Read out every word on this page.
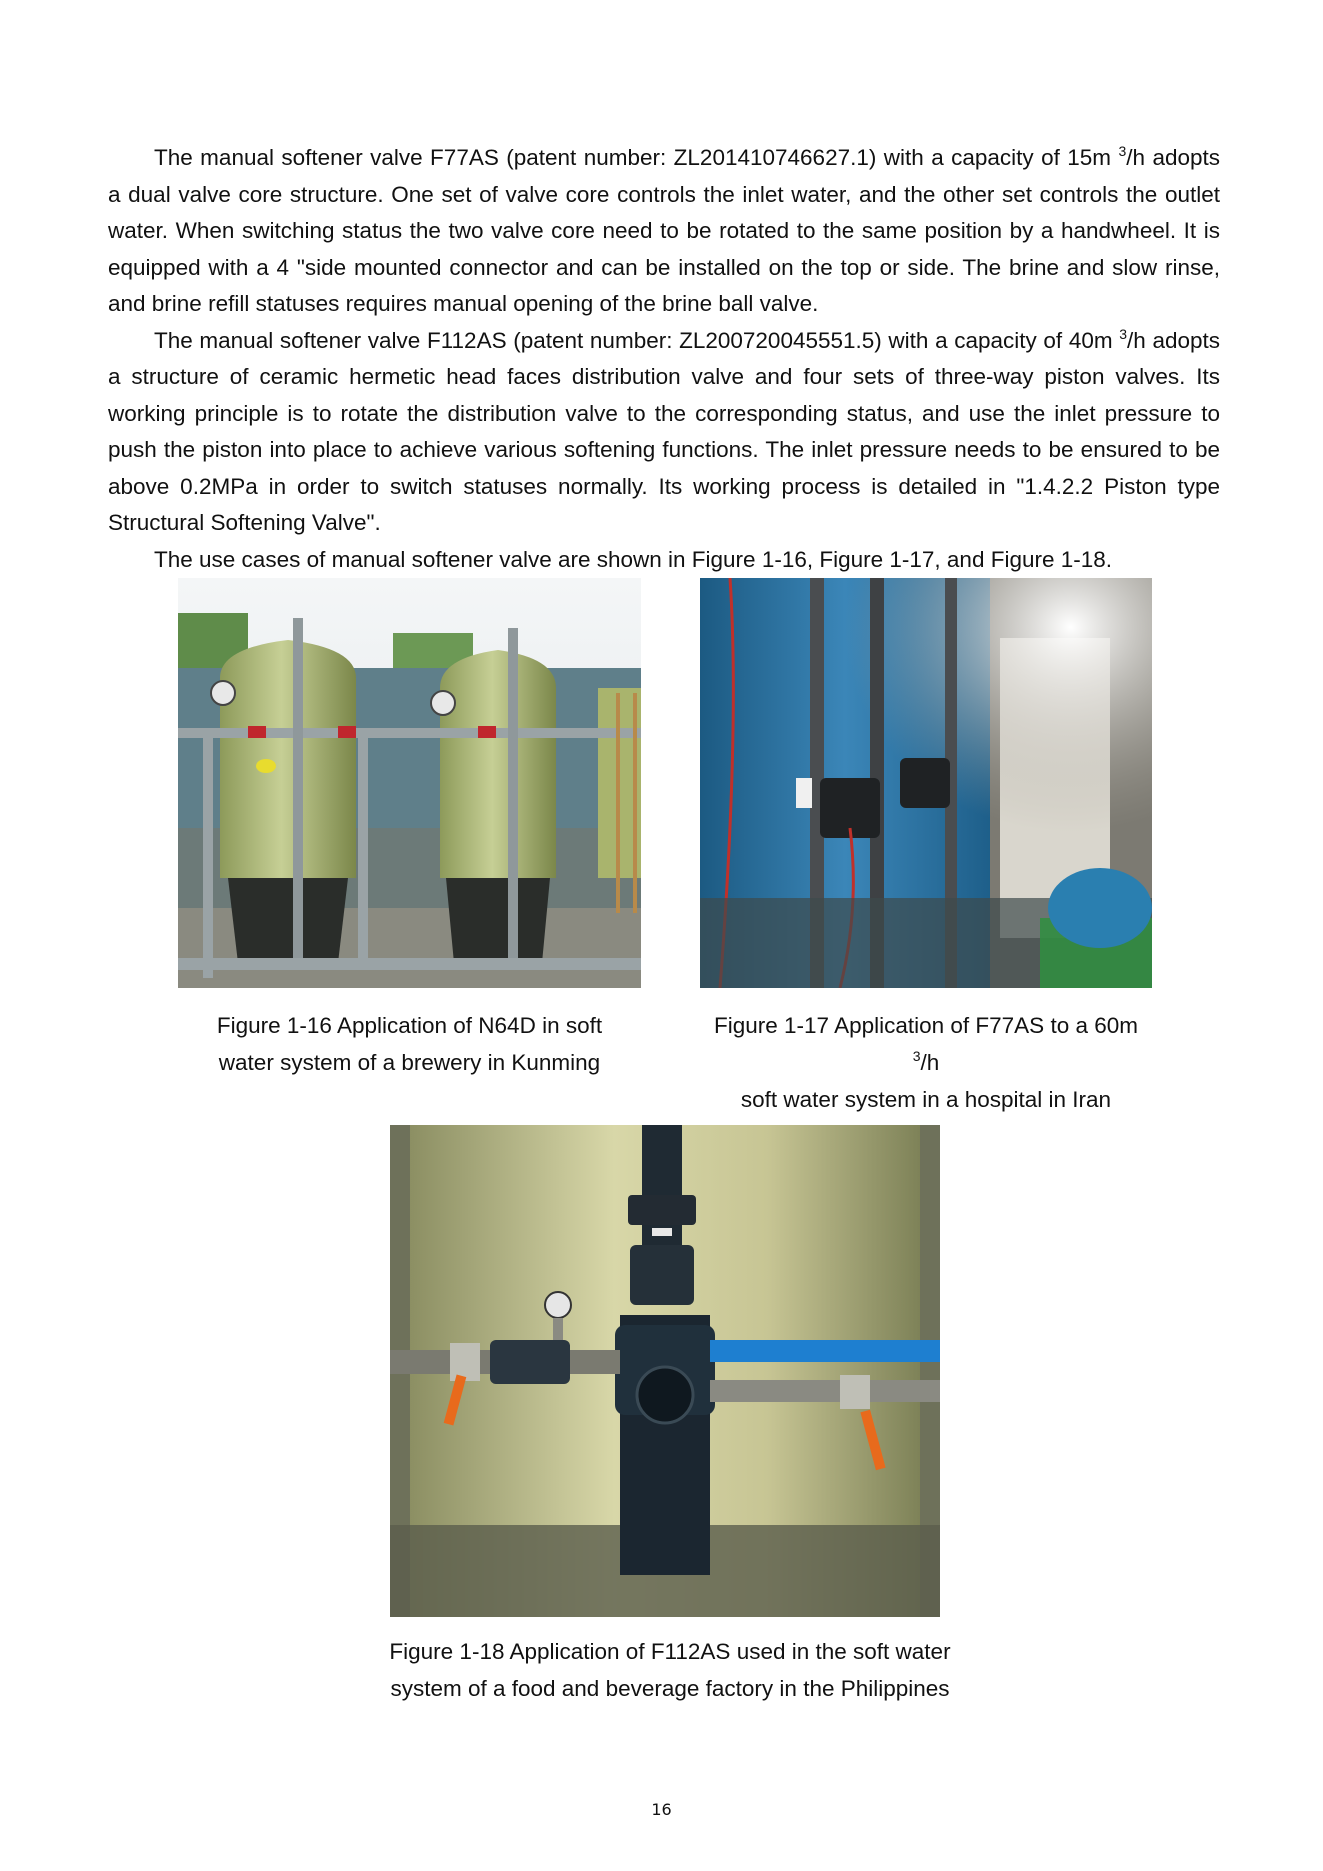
The manual softener valve F77AS (patent number: ZL201410746627.1) with a capacity of 15m $^3$/h adopts a dual valve core structure. One set of valve core controls the inlet water, and the other set controls the outlet water. When switching status the two valve core need to be rotated to the same position by a handwheel. It is equipped with a 4 "side mounted connector and can be installed on the top or side. The brine and slow rinse, and brine refill statuses requires manual opening of the brine ball valve.

The manual softener valve F112AS (patent number: ZL200720045551.5) with a capacity of 40m $^3$/h adopts a structure of ceramic hermetic head faces distribution valve and four sets of three-way piston valves. Its working principle is to rotate the distribution valve to the corresponding status, and use the inlet pressure to push the piston into place to achieve various softening functions. The inlet pressure needs to be ensured to be above 0.2MPa in order to switch statuses normally. Its working process is detailed in "1.4.2.2 Piston type Structural Softening Valve".

The use cases of manual softener valve are shown in Figure 1-16, Figure 1-17, and Figure 1-18.

Figure 1-16 Application of N64D in soft
water system of a brewery in Kunming
Figure 1-17 Application of F77AS to a 60m $^3$/h
soft water system in a hospital in Iran
Figure 1-18 Application of F112AS used in the soft water
system of a food and beverage factory in the Philippines
16
